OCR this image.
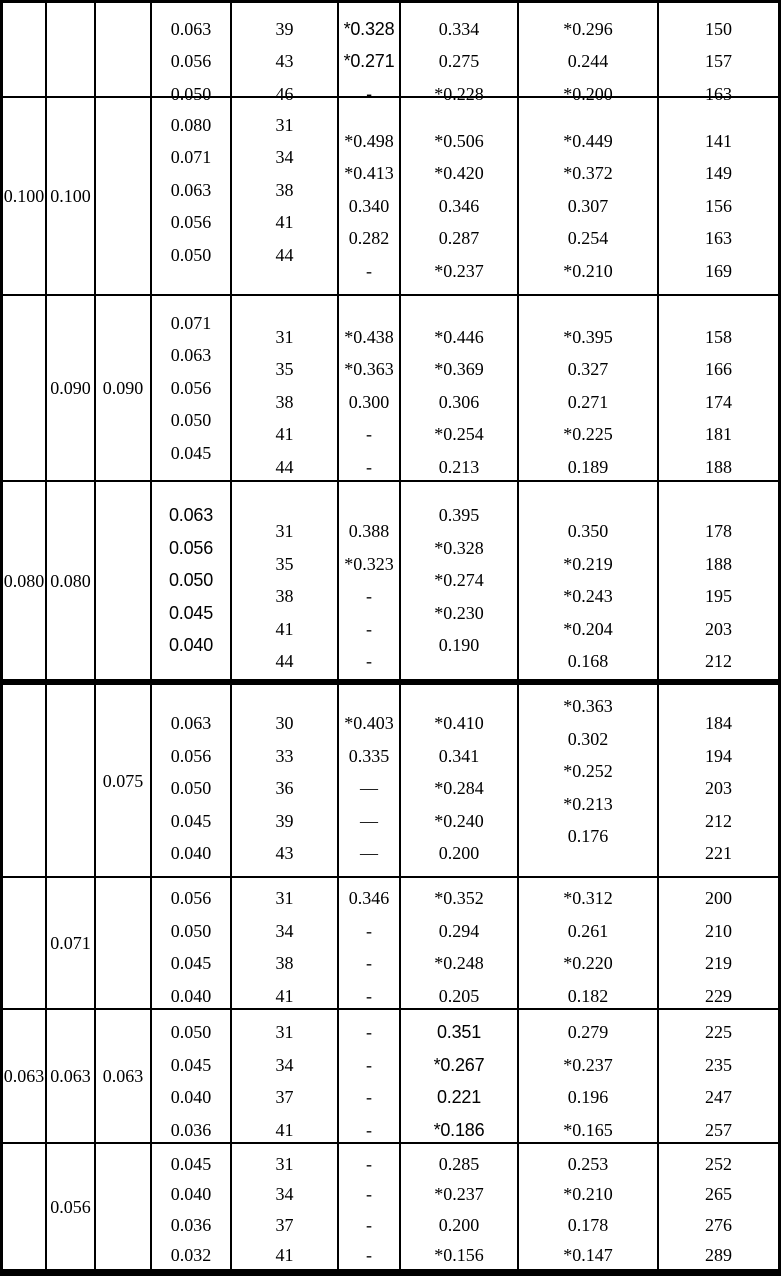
0.063
0.056
0.050
39
43
46
*0.328
*0.271
-
0.334
0.275
*0.228
*0.296
0.244
*0.200
150
157
163
0.100 0.100
0.080
0.071
0.063
0.056
0.050
31
34
38
41
44
*0.498
*0.413
0.340
0.282
-
*0.506
*0.420
0.346
0.287
*0.237
*0.449
*0.372
0.307
0.254
*0.210
141
149
156
163
169
0.090 0.090
0.071
0.063
0.056
0.050
0.045
31
35
38
41
44
*0.438
*0.363
0.300
-
-
*0.446
*0.369
0.306
*0.254
0.213
*0.395
0.327
0.271
*0.225
0.189
158
166
174
181
188
0.080 0.080
0.063
0.056
0.050
0.045
0.040
31
35
38
41
44
0.388
*0.323
-
-
-
0.395
*0.328
*0.274
*0.230
0.190
0.350
*0.219
*0.243
*0.204
0.168
178
188
195
203
212
0.075
0.063
0.056
0.050
0.045
0.040
30
33
36
39
43
*0.403
0.335
—
—
—
*0.410
0.341
*0.284
*0.240
0.200
*0.363
0.302
*0.252
*0.213
0.176
184
194
203
212
221
0.071
0.056
0.050
0.045
0.040
31
34
38
41
0.346
-
-
-
*0.352
0.294
*0.248
0.205
*0.312
0.261
*0.220
0.182
200
210
219
229
0.063 0.063 0.063
0.050
0.045
0.040
0.036
31
34
37
41
-
-
-
-
0.351
*0.267
0.221
*0.186
0.279
*0.237
0.196
*0.165
225
235
247
257
0.056
0.045
0.040
0.036
0.032
31
34
37
41
-
-
-
-
0.285
*0.237
0.200
*0.156
0.253
*0.210
0.178
*0.147
252
265
276
289
